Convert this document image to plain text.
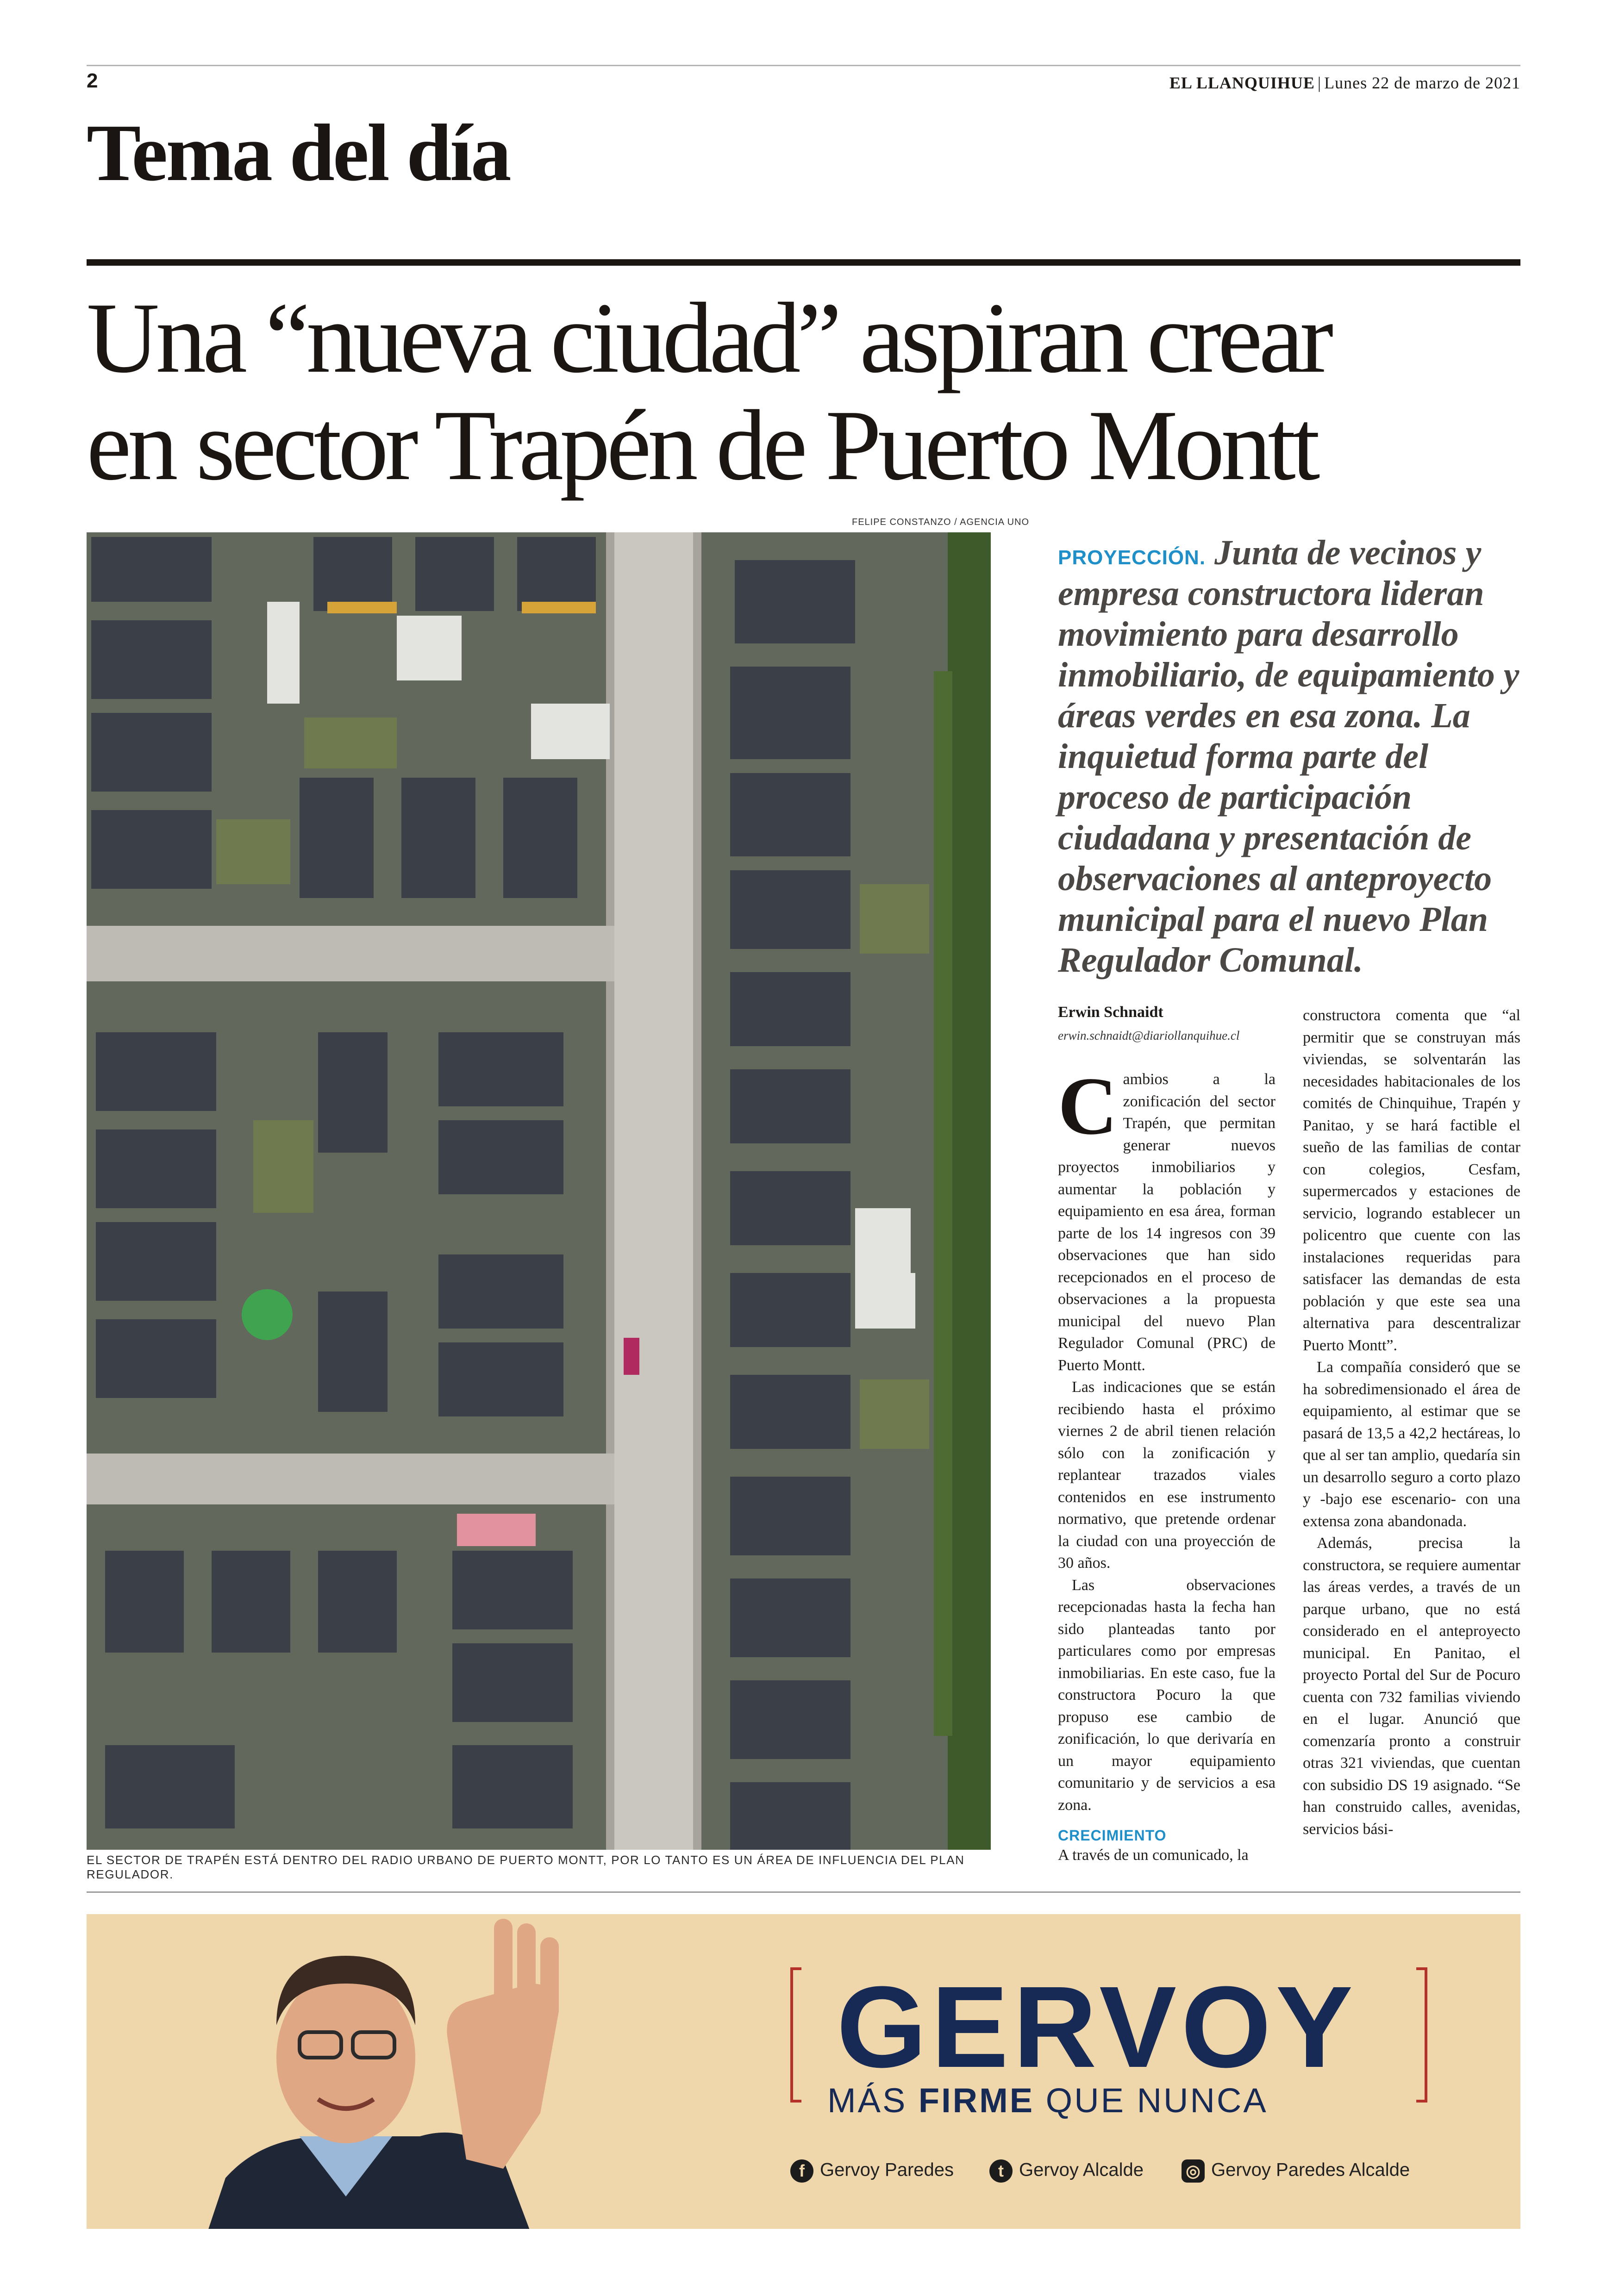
2	EL LLANQUIHUE | Lunes 22 de marzo de 2021
Tema del día
Una “nueva ciudad” aspiran crear
en sector Trapén de Puerto Montt
FELIPE CONSTANZO / AGENCIA UNO
EL SECTOR DE TRAPÉN ESTÁ DENTRO DEL RADIO URBANO DE PUERTO MONTT, POR LO TANTO ES UN ÁREA DE INFLUENCIA DEL PLAN REGULADOR.
PROYECCIÓN. Junta de vecinos y empresa constructora lideran movimiento para desarrollo inmobiliario, de equipamiento y áreas verdes en esa zona. La inquietud forma parte del proceso de participación ciudadana y presentación de observaciones al anteproyecto municipal para el nuevo Plan Regulador Comunal.
Erwin Schnaidt
erwin.schnaidt@diariollanquihue.cl
C ambios a la zonificación del sector Trapén, que permitan generar nuevos proyectos inmobiliarios y aumentar la población y equipamiento en esa área, forman parte de los 14 ingresos con 39 observaciones que han sido recepcionados en el proceso de observaciones a la propuesta municipal del nuevo Plan Regulador Comunal (PRC) de Puerto Montt.

Las indicaciones que se están recibiendo hasta el próximo viernes 2 de abril tienen relación sólo con la zonificación y replantear trazados viales contenidos en ese instrumento normativo, que pretende ordenar la ciudad con una proyección de 30 años.

Las observaciones recepcionadas hasta la fecha han sido planteadas tanto por particulares como por empresas inmobiliarias. En este caso, fue la constructora Pocuro la que propuso ese cambio de zonificación, lo que derivaría en un mayor equipamiento comunitario y de servicios a esa zona.

CRECIMIENTO

A través de un comunicado, la

constructora comenta que “al permitir que se construyan más viviendas, se solventarán las necesidades habitacionales de los comités de Chinquihue, Trapén y Panitao, y se hará factible el sueño de las familias de contar con colegios, Cesfam, supermercados y estaciones de servicio, logrando establecer un policentro que cuente con las instalaciones requeridas para satisfacer las demandas de esta población y que este sea una alternativa para descentralizar Puerto Montt”.

La compañía consideró que se ha sobredimensionado el área de equipamiento, al estimar que se pasará de 13,5 a 42,2 hectáreas, lo que al ser tan amplio, quedaría sin un desarrollo seguro a corto plazo y -bajo ese escenario- con una extensa zona abandonada.

Además, precisa la constructora, se requiere aumentar las áreas verdes, a través de un parque urbano, que no está considerado en el anteproyecto municipal. En Panitao, el proyecto Portal del Sur de Pocuro cuenta con 732 familias viviendo en el lugar. Anunció que comenzaría pronto a construir otras 321 viviendas, que cuentan con subsidio DS 19 asignado. “Se han construido calles, avenidas, servicios bási-

GERVOY
MÁS FIRME QUE NUNCA
f Gervoy Paredes	t Gervoy Alcalde	◎ Gervoy Paredes Alcalde
